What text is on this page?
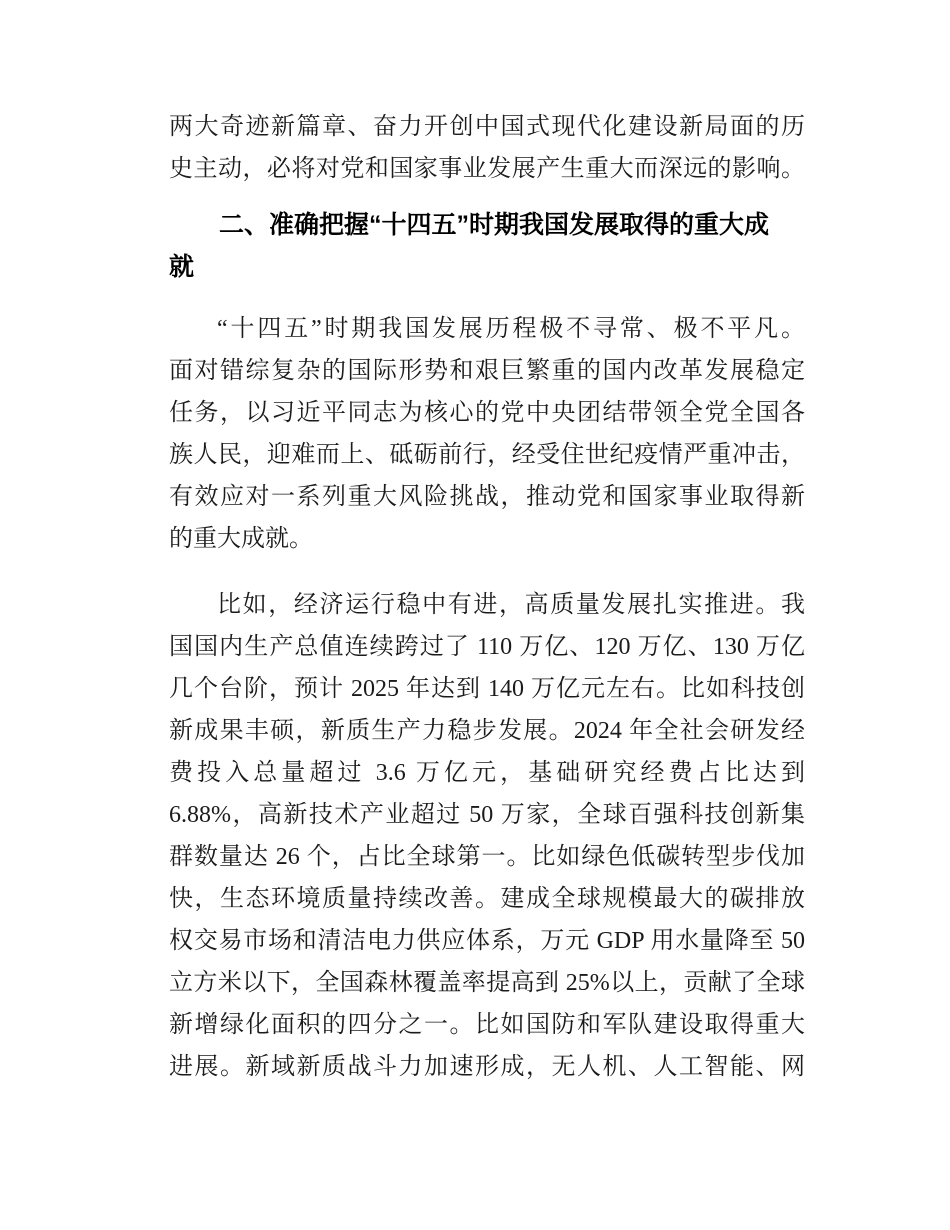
两大奇迹新篇章、奋力开创中国式现代化建设新局面的历
史主动，必将对党和国家事业发展产生重大而深远的影响。
二、准确把握“十四五”时期我国发展取得的重大成
就
“十四五”时期我国发展历程极不寻常、极不平凡。
面对错综复杂的国际形势和艰巨繁重的国内改革发展稳定
任务，以习近平同志为核心的党中央团结带领全党全国各
族人民，迎难而上、砥砺前行，经受住世纪疫情严重冲击，
有效应对一系列重大风险挑战，推动党和国家事业取得新
的重大成就。
比如，经济运行稳中有进，高质量发展扎实推进。我
国国内生产总值连续跨过了 110 万亿、120 万亿、130 万亿
几个台阶，预计 2025 年达到 140 万亿元左右。比如科技创
新成果丰硕，新质生产力稳步发展。2024 年全社会研发经
费投入总量超过 3.6 万亿元，基础研究经费占比达到
6.88%，高新技术产业超过 50 万家，全球百强科技创新集
群数量达 26 个，占比全球第一。比如绿色低碳转型步伐加
快，生态环境质量持续改善。建成全球规模最大的碳排放
权交易市场和清洁电力供应体系，万元 GDP 用水量降至 50
立方米以下，全国森林覆盖率提高到 25%以上，贡献了全球
新增绿化面积的四分之一。比如国防和军队建设取得重大
进展。新域新质战斗力加速形成，无人机、人工智能、网
